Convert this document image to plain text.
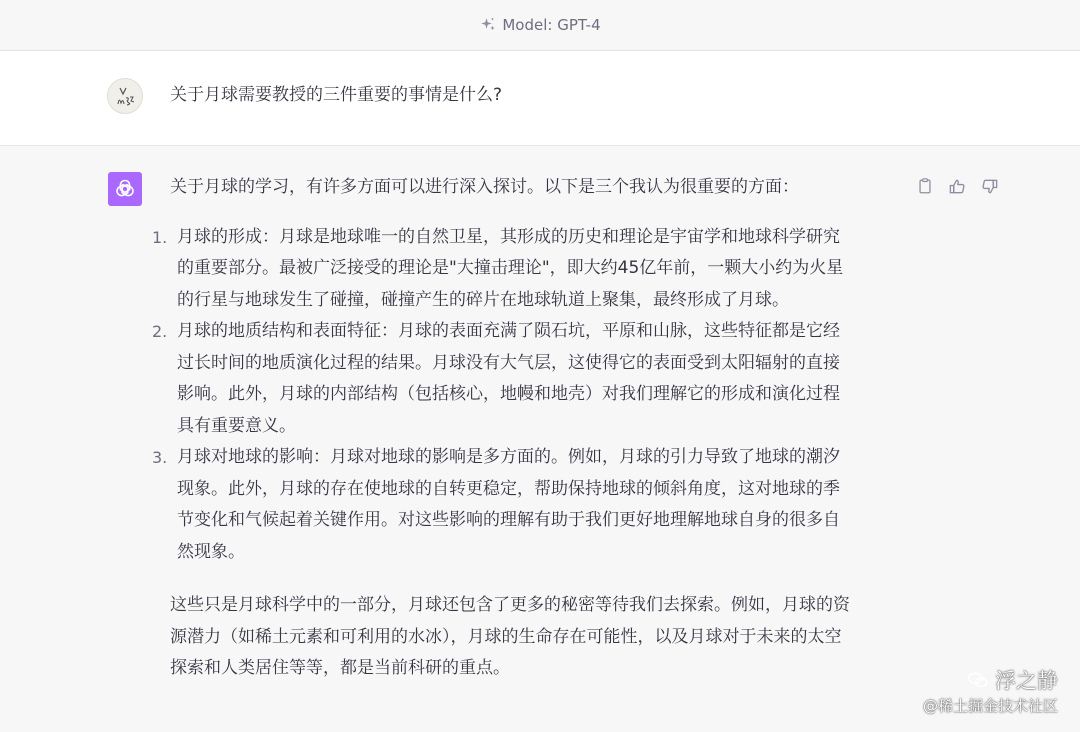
Model: GPT-4
关于月球需要教授的三件重要的事情是什么?

关于月球的学习，有许多方面可以进行深入探讨。以下是三个我认为很重要的方面：

1. 月球的形成：月球是地球唯一的自然卫星，其形成的历史和理论是宇宙学和地球科学研究
的重要部分。最被广泛接受的理论是"大撞击理论"，即大约45亿年前，一颗大小约为火星
的行星与地球发生了碰撞，碰撞产生的碎片在地球轨道上聚集，最终形成了月球。
2. 月球的地质结构和表面特征：月球的表面充满了陨石坑，平原和山脉，这些特征都是它经
过长时间的地质演化过程的结果。月球没有大气层，这使得它的表面受到太阳辐射的直接
影响。此外，月球的内部结构（包括核心，地幔和地壳）对我们理解它的形成和演化过程
具有重要意义。
3. 月球对地球的影响：月球对地球的影响是多方面的。例如，月球的引力导致了地球的潮汐
现象。此外，月球的存在使地球的自转更稳定，帮助保持地球的倾斜角度，这对地球的季
节变化和气候起着关键作用。对这些影响的理解有助于我们更好地理解地球自身的很多自
然现象。
这些只是月球科学中的一部分，月球还包含了更多的秘密等待我们去探索。例如，月球的资
源潜力（如稀土元素和可利用的水冰），月球的生命存在可能性，以及月球对于未来的太空
探索和人类居住等等，都是当前科研的重点。
浮之静
@稀土掘金技术社区
